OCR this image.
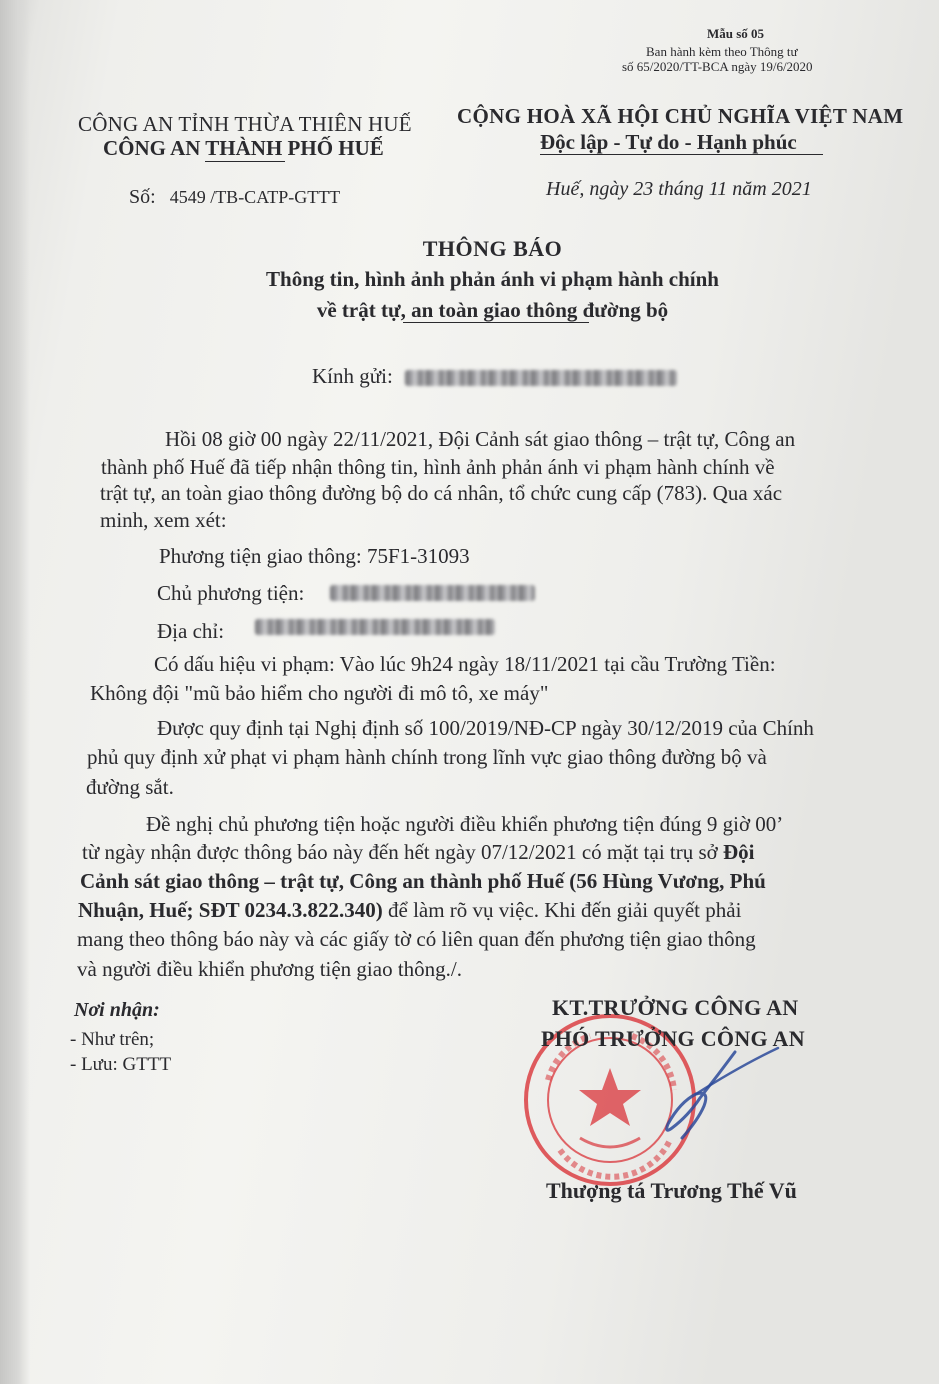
Mẫu số 05
Ban hành kèm theo Thông tư
số 65/2020/TT-BCA ngày 19/6/2020
CÔNG AN TỈNH THỪA THIÊN HUẾ
CÔNG AN THÀNH PHỐ HUẾ
CỘNG HOÀ XÃ HỘI CHỦ NGHĨA VIỆT NAM
Độc lập - Tự do - Hạnh phúc
Số: 4549 /TB-CATP-GTTT	Huế, ngày 23 tháng 11 năm 2021
THÔNG BÁO
Thông tin, hình ảnh phản ánh vi phạm hành chính
về trật tự, an toàn giao thông đường bộ
Kính gửi:
Hồi 08 giờ 00 ngày 22/11/2021, Đội Cảnh sát giao thông – trật tự, Công an
thành phố Huế đã tiếp nhận thông tin, hình ảnh phản ánh vi phạm hành chính về
trật tự, an toàn giao thông đường bộ do cá nhân, tổ chức cung cấp (783). Qua xác
minh, xem xét:
Phương tiện giao thông: 75F1-31093
Chủ phương tiện:
Địa chỉ:
Có dấu hiệu vi phạm: Vào lúc 9h24 ngày 18/11/2021 tại cầu Trường Tiền:
Không đội "mũ bảo hiểm cho người đi mô tô, xe máy"
Được quy định tại Nghị định số 100/2019/NĐ-CP ngày 30/12/2019 của Chính
phủ quy định xử phạt vi phạm hành chính trong lĩnh vực giao thông đường bộ và
đường sắt.
Đề nghị chủ phương tiện hoặc người điều khiển phương tiện đúng 9 giờ 00’
từ ngày nhận được thông báo này đến hết ngày 07/12/2021 có mặt tại trụ sở Đội
Cảnh sát giao thông – trật tự, Công an thành phố Huế (56 Hùng Vương, Phú
Nhuận, Huế; SĐT 0234.3.822.340) để làm rõ vụ việc. Khi đến giải quyết phải
mang theo thông báo này và các giấy tờ có liên quan đến phương tiện giao thông
và người điều khiển phương tiện giao thông./.
Nơi nhận:
- Như trên;
- Lưu: GTTT
KT.TRƯỞNG CÔNG AN
PHÓ TRƯỞNG CÔNG AN
Thượng tá Trương Thế Vũ
